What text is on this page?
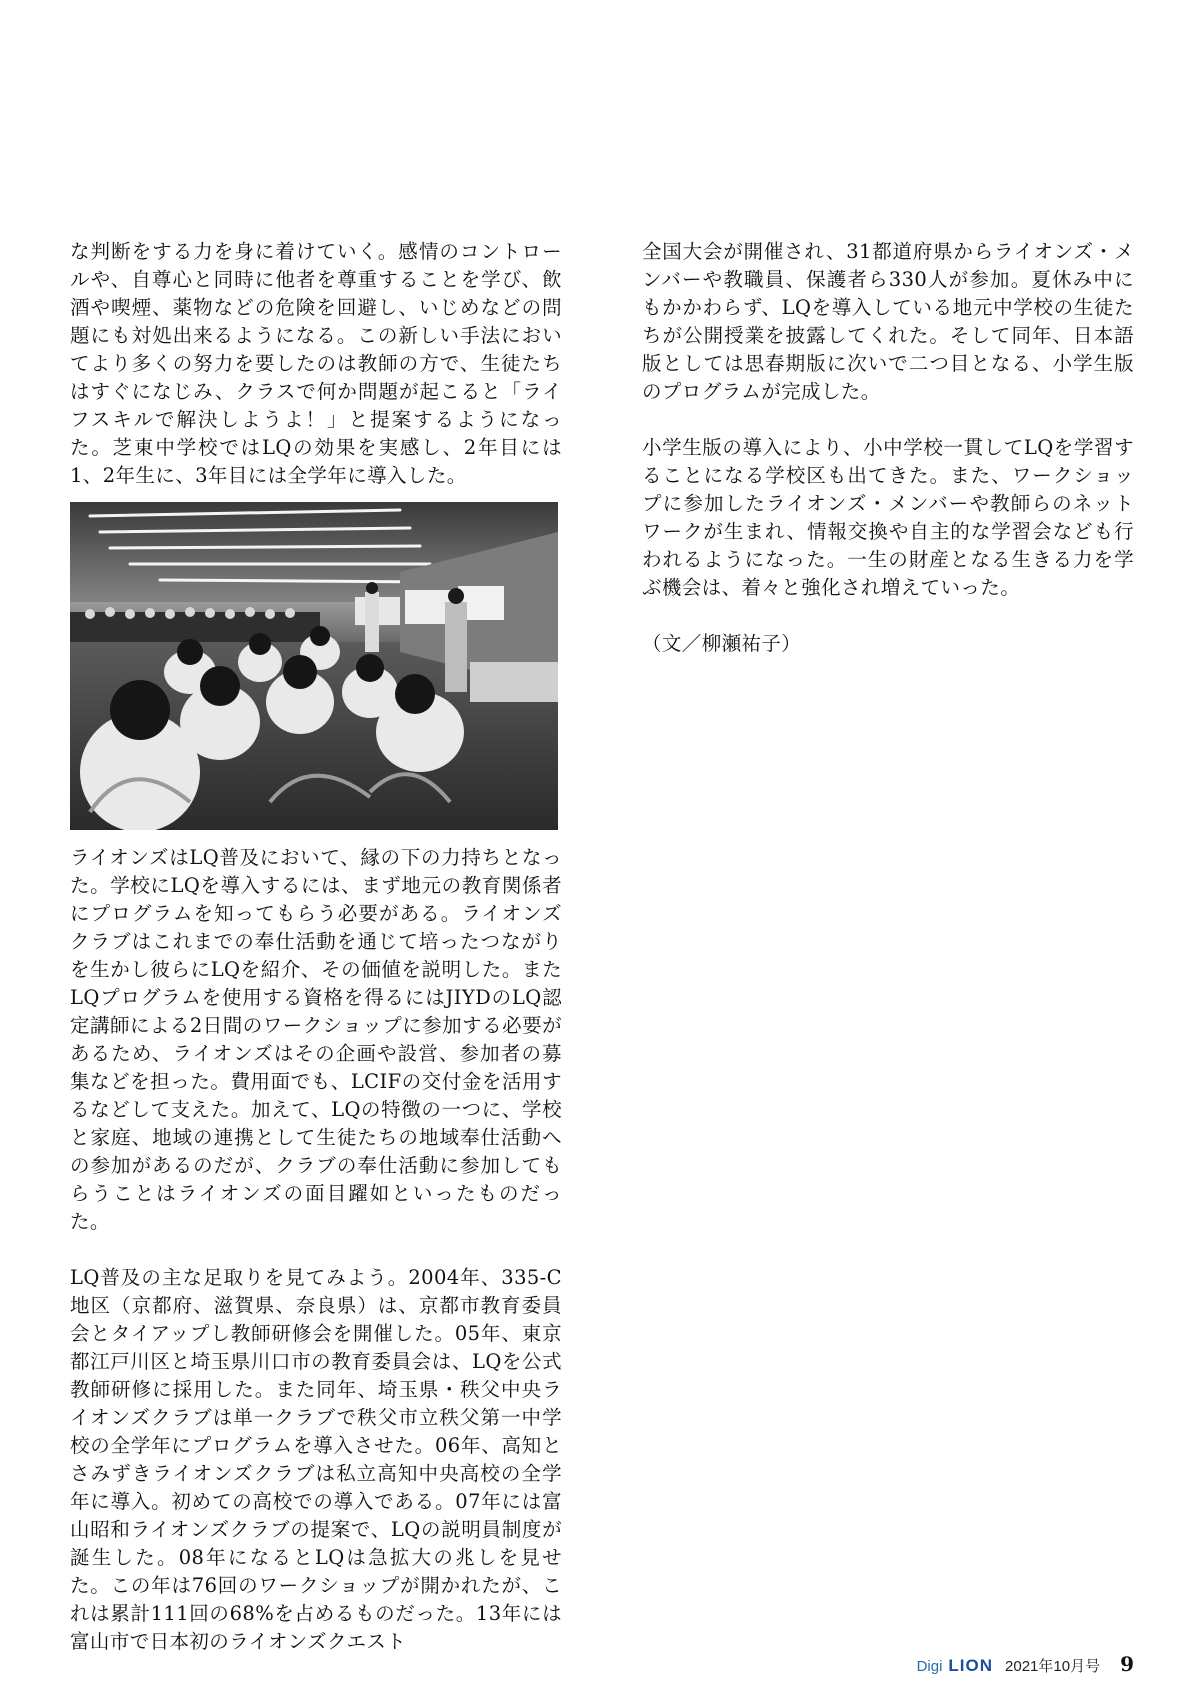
な判断をする力を身に着けていく。感情のコントロールや、自尊心と同時に他者を尊重することを学び、飲酒や喫煙、薬物などの危険を回避し、いじめなどの問題にも対処出来るようになる。この新しい手法においてより多くの努力を要したのは教師の方で、生徒たちはすぐになじみ、クラスで何か問題が起こると「ライフスキルで解決しようよ！」と提案するようになった。芝東中学校ではLQの効果を実感し、2年目には1、2年生に、3年目には全学年に導入した。

ライオンズはLQ普及において、縁の下の力持ちとなった。学校にLQを導入するには、まず地元の教育関係者にプログラムを知ってもらう必要がある。ライオンズクラブはこれまでの奉仕活動を通じて培ったつながりを生かし彼らにLQを紹介、その価値を説明した。またLQプログラムを使用する資格を得るにはJIYDのLQ認定講師による2日間のワークショップに参加する必要があるため、ライオンズはその企画や設営、参加者の募集などを担った。費用面でも、LCIFの交付金を活用するなどして支えた。加えて、LQの特徴の一つに、学校と家庭、地域の連携として生徒たちの地域奉仕活動への参加があるのだが、クラブの奉仕活動に参加してもらうことはライオンズの面目躍如といったものだった。

LQ普及の主な足取りを見てみよう。2004年、335-C地区（京都府、滋賀県、奈良県）は、京都市教育委員会とタイアップし教師研修会を開催した。05年、東京都江戸川区と埼玉県川口市の教育委員会は、LQを公式教師研修に採用した。また同年、埼玉県・秩父中央ライオンズクラブは単一クラブで秩父市立秩父第一中学校の全学年にプログラムを導入させた。06年、高知とさみずきライオンズクラブは私立高知中央高校の全学年に導入。初めての高校での導入である。07年には富山昭和ライオンズクラブの提案で、LQの説明員制度が誕生した。08年になるとLQは急拡大の兆しを見せた。この年は76回のワークショップが開かれたが、これは累計111回の68%を占めるものだった。13年には富山市で日本初のライオンズクエスト

全国大会が開催され、31都道府県からライオンズ・メンバーや教職員、保護者ら330人が参加。夏休み中にもかかわらず、LQを導入している地元中学校の生徒たちが公開授業を披露してくれた。そして同年、日本語版としては思春期版に次いで二つ目となる、小学生版のプログラムが完成した。

小学生版の導入により、小中学校一貫してLQを学習することになる学校区も出てきた。また、ワークショップに参加したライオンズ・メンバーや教師らのネットワークが生まれ、情報交換や自主的な学習会なども行われるようになった。一生の財産となる生きる力を学ぶ機会は、着々と強化され増えていった。

（文／柳瀬祐子）

Digi LION 2021年10月号 9
